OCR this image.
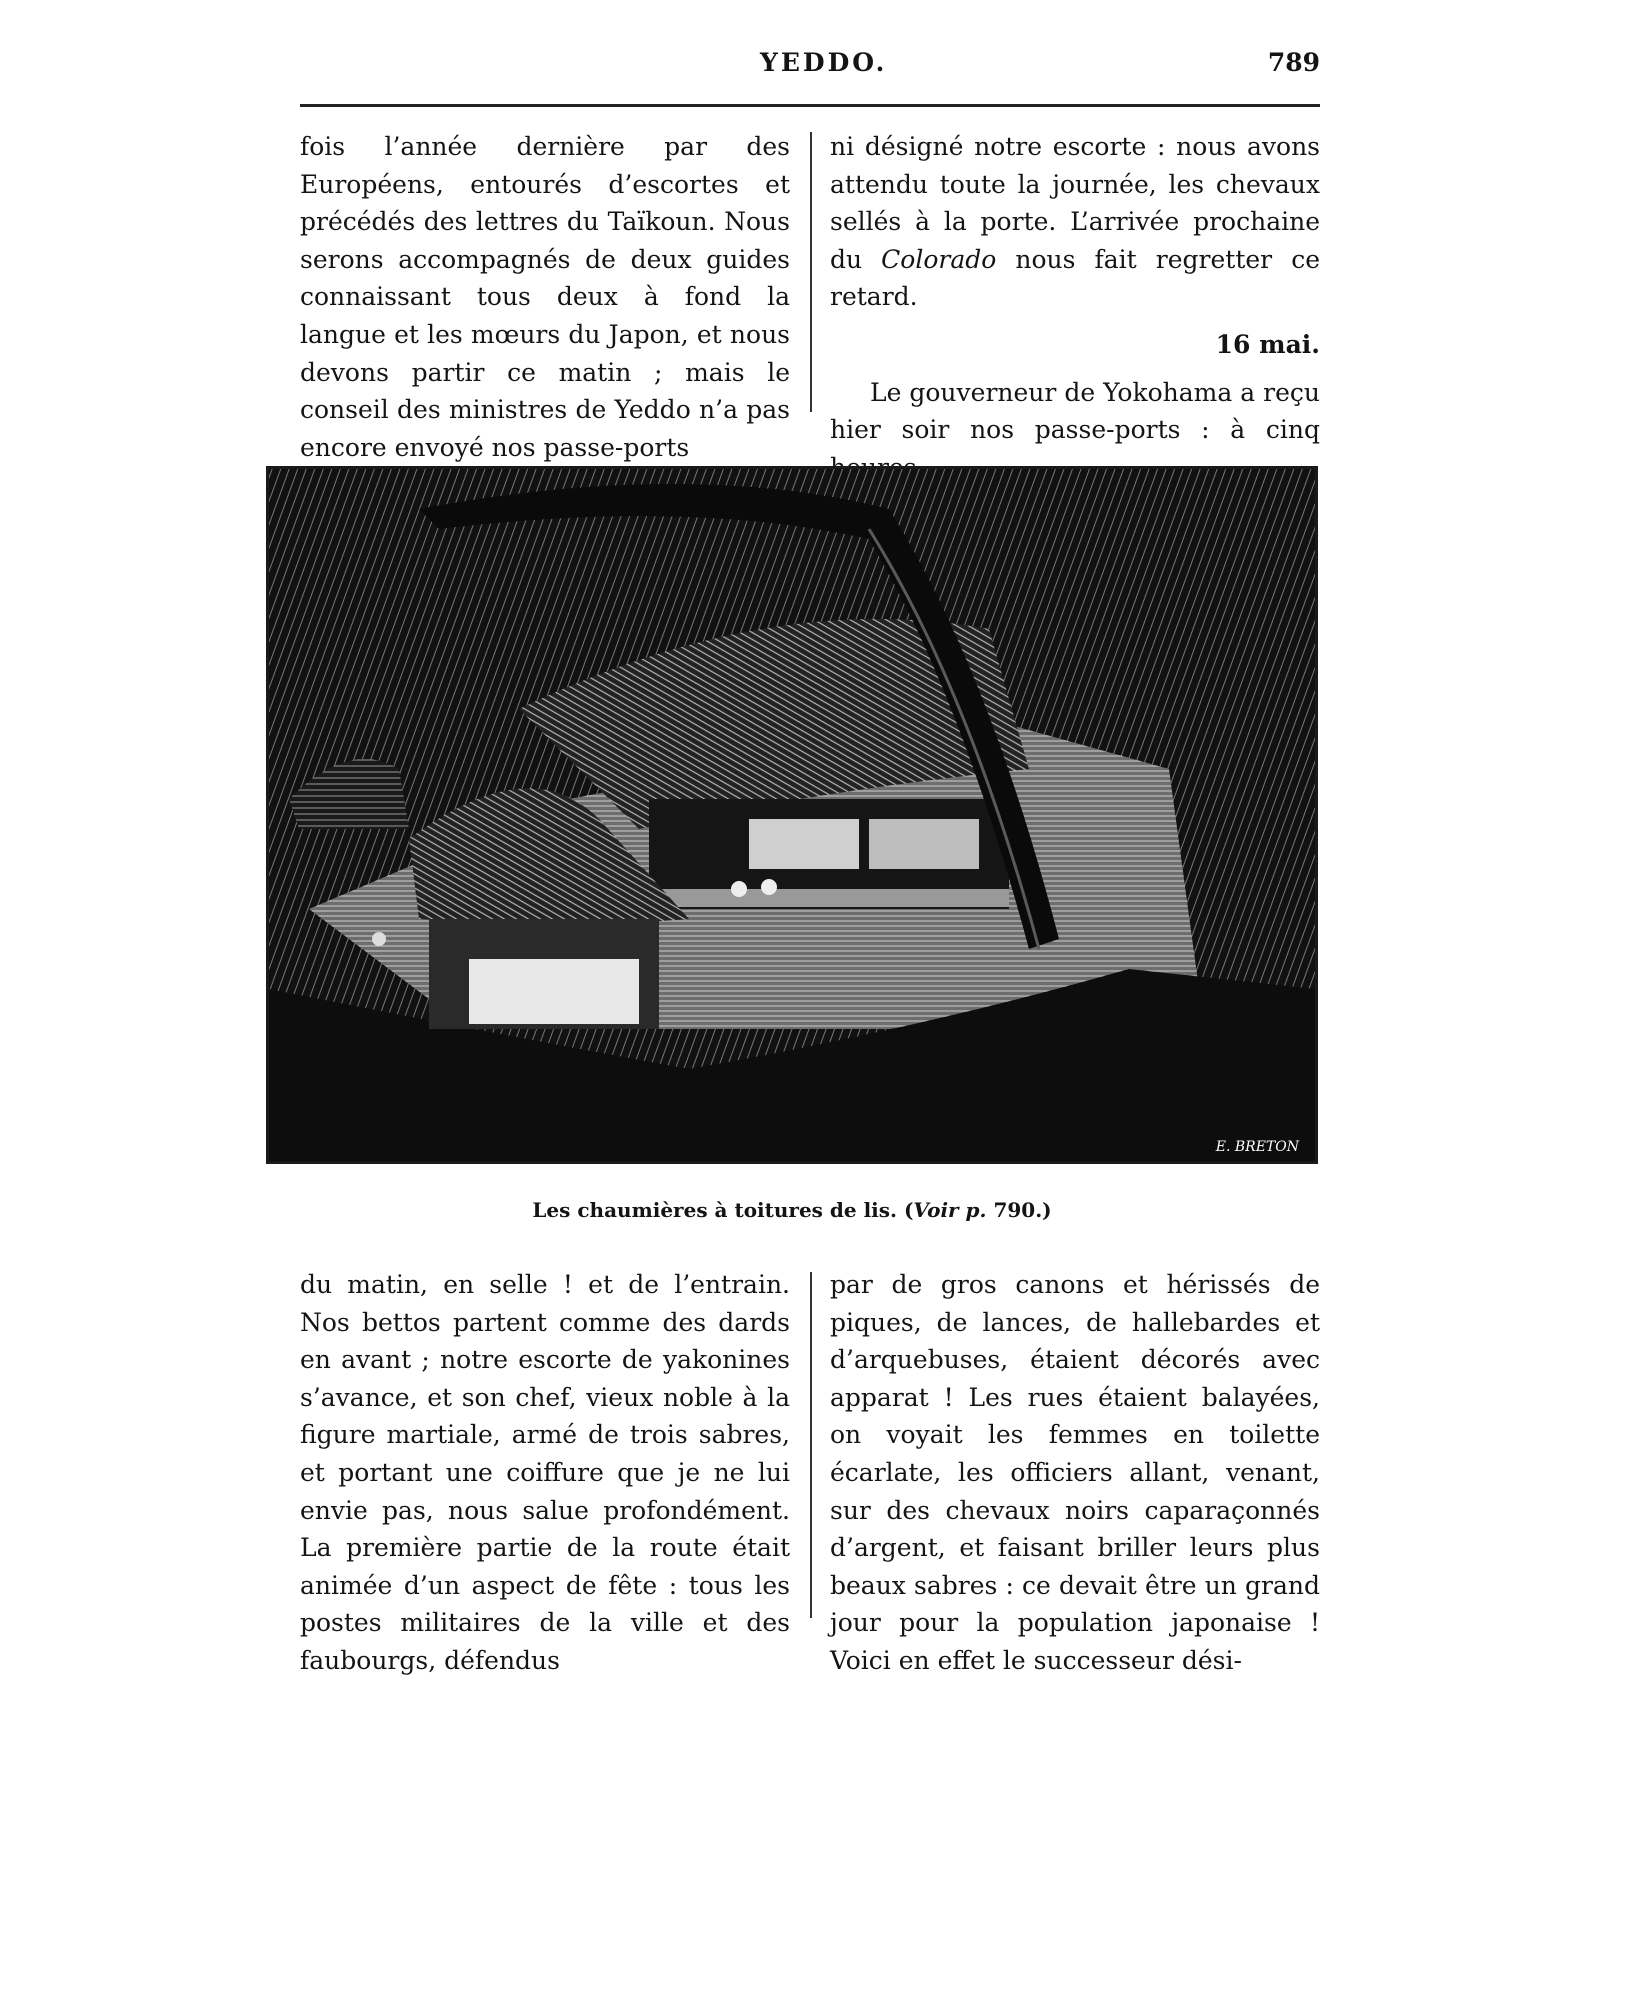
YEDDO.	789

fois l’année dernière par des Européens, entourés d’escortes et précédés des lettres du Taïkoun. Nous serons accompagnés de deux guides connaissant tous deux à fond la langue et les mœurs du Japon, et nous devons partir ce matin ; mais le conseil des ministres de Yeddo n’a pas encore envoyé nos passe-ports

ni désigné notre escorte : nous avons attendu toute la journée, les chevaux sellés à la porte. L’arrivée prochaine du Colorado nous fait regretter ce retard.

16 mai.

Le gouverneur de Yokohama a reçu hier soir nos passe-ports : à cinq

E. BRETON
Les chaumières à toitures de lis. (Voir p. 790.)

du matin, en selle ! et de l’entrain. Nos bettos partent comme des dards en avant ; notre escorte de yakonines s’avance, et son chef, vieux noble à la figure martiale, armé de trois sabres, et portant une coiffure que je ne lui envie pas, nous salue profondément. La première partie de la route était animée d’un aspect de fête : tous les postes militaires de la ville et des faubourgs, défendus

par de gros canons et hérissés de piques, de lances, de hallebardes et d’arquebuses, étaient décorés avec apparat ! Les rues étaient balayées, on voyait les femmes en toilette écarlate, les officiers allant, venant, sur des chevaux noirs caparaçonnés d’argent, et faisant briller leurs plus beaux sabres : ce devait être un grand jour pour la population japonaise ! Voici en effet le successeur dési-
